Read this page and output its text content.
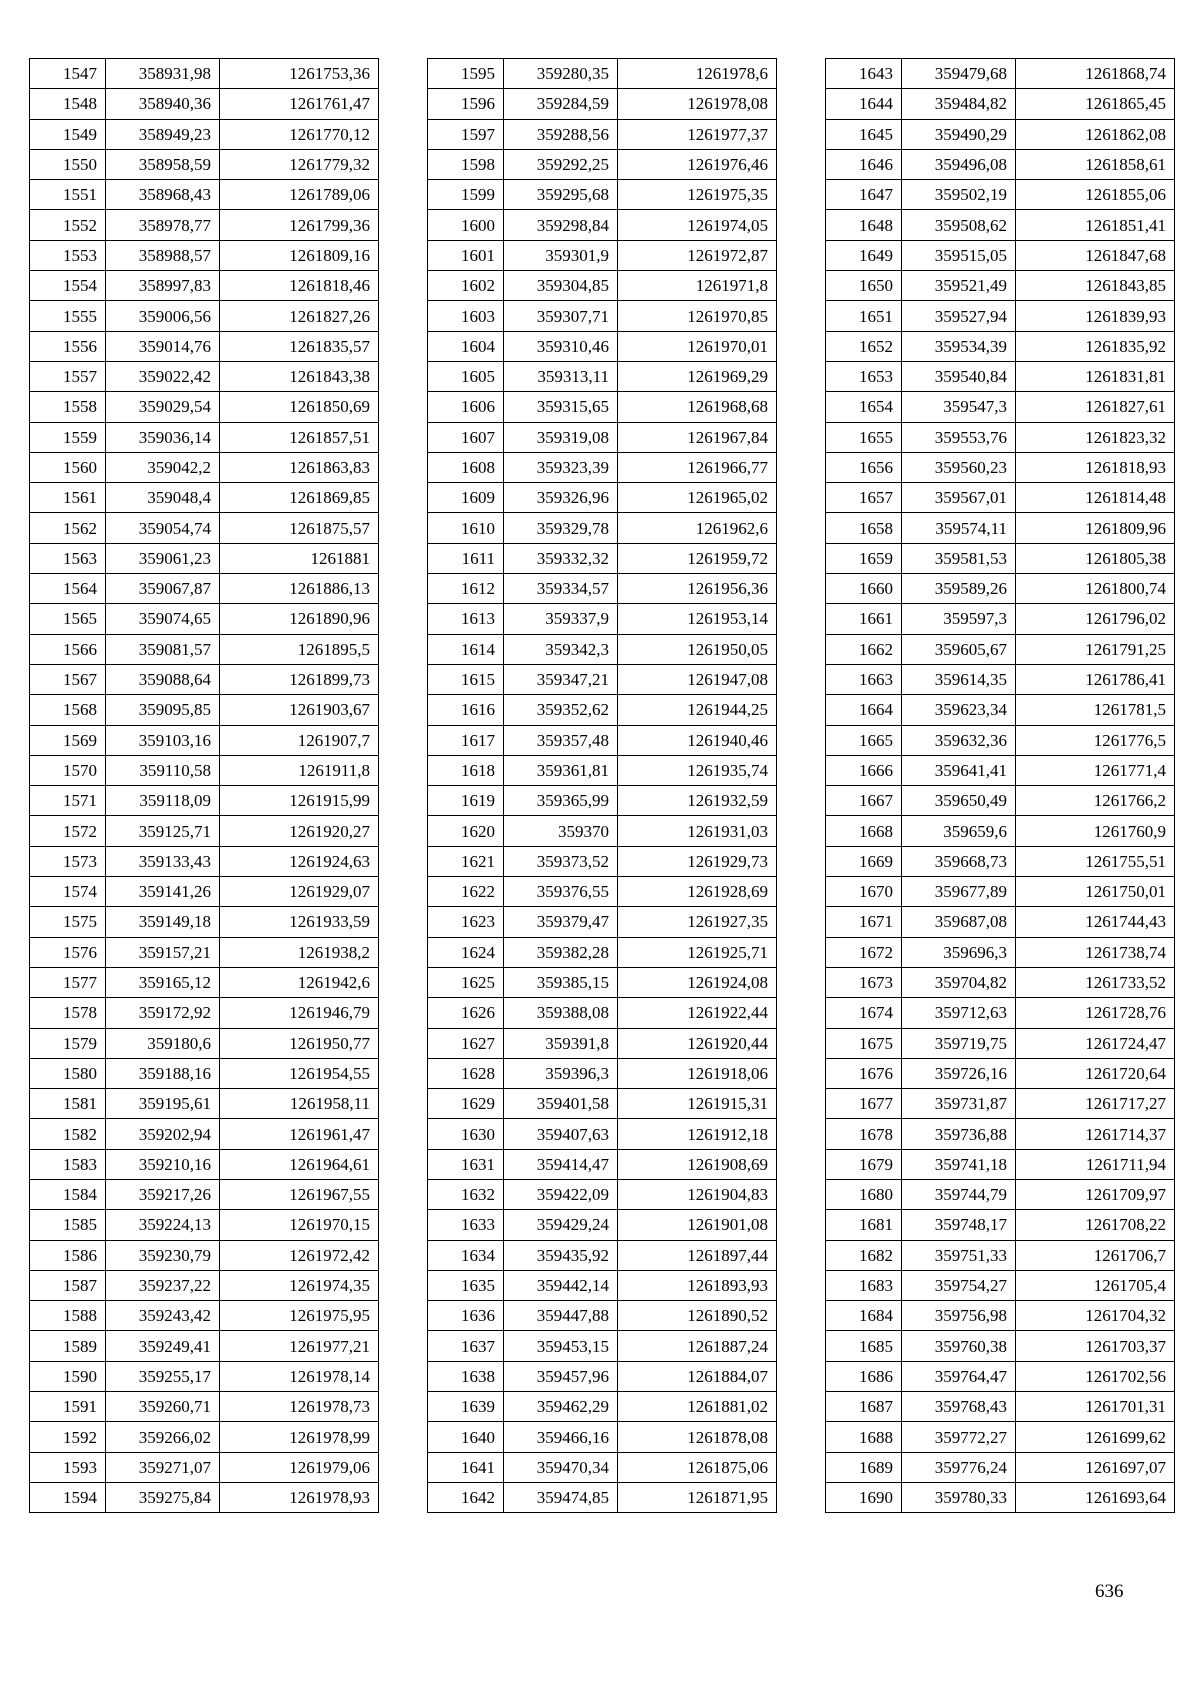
1547	358931,98	1261753,36
1548	358940,36	1261761,47
1549	358949,23	1261770,12
1550	358958,59	1261779,32
1551	358968,43	1261789,06
1552	358978,77	1261799,36
1553	358988,57	1261809,16
1554	358997,83	1261818,46
1555	359006,56	1261827,26
1556	359014,76	1261835,57
1557	359022,42	1261843,38
1558	359029,54	1261850,69
1559	359036,14	1261857,51
1560	359042,2	1261863,83
1561	359048,4	1261869,85
1562	359054,74	1261875,57
1563	359061,23	1261881
1564	359067,87	1261886,13
1565	359074,65	1261890,96
1566	359081,57	1261895,5
1567	359088,64	1261899,73
1568	359095,85	1261903,67
1569	359103,16	1261907,7
1570	359110,58	1261911,8
1571	359118,09	1261915,99
1572	359125,71	1261920,27
1573	359133,43	1261924,63
1574	359141,26	1261929,07
1575	359149,18	1261933,59
1576	359157,21	1261938,2
1577	359165,12	1261942,6
1578	359172,92	1261946,79
1579	359180,6	1261950,77
1580	359188,16	1261954,55
1581	359195,61	1261958,11
1582	359202,94	1261961,47
1583	359210,16	1261964,61
1584	359217,26	1261967,55
1585	359224,13	1261970,15
1586	359230,79	1261972,42
1587	359237,22	1261974,35
1588	359243,42	1261975,95
1589	359249,41	1261977,21
1590	359255,17	1261978,14
1591	359260,71	1261978,73
1592	359266,02	1261978,99
1593	359271,07	1261979,06
1594	359275,84	1261978,93
1595	359280,35	1261978,6
1596	359284,59	1261978,08
1597	359288,56	1261977,37
1598	359292,25	1261976,46
1599	359295,68	1261975,35
1600	359298,84	1261974,05
1601	359301,9	1261972,87
1602	359304,85	1261971,8
1603	359307,71	1261970,85
1604	359310,46	1261970,01
1605	359313,11	1261969,29
1606	359315,65	1261968,68
1607	359319,08	1261967,84
1608	359323,39	1261966,77
1609	359326,96	1261965,02
1610	359329,78	1261962,6
1611	359332,32	1261959,72
1612	359334,57	1261956,36
1613	359337,9	1261953,14
1614	359342,3	1261950,05
1615	359347,21	1261947,08
1616	359352,62	1261944,25
1617	359357,48	1261940,46
1618	359361,81	1261935,74
1619	359365,99	1261932,59
1620	359370	1261931,03
1621	359373,52	1261929,73
1622	359376,55	1261928,69
1623	359379,47	1261927,35
1624	359382,28	1261925,71
1625	359385,15	1261924,08
1626	359388,08	1261922,44
1627	359391,8	1261920,44
1628	359396,3	1261918,06
1629	359401,58	1261915,31
1630	359407,63	1261912,18
1631	359414,47	1261908,69
1632	359422,09	1261904,83
1633	359429,24	1261901,08
1634	359435,92	1261897,44
1635	359442,14	1261893,93
1636	359447,88	1261890,52
1637	359453,15	1261887,24
1638	359457,96	1261884,07
1639	359462,29	1261881,02
1640	359466,16	1261878,08
1641	359470,34	1261875,06
1642	359474,85	1261871,95
1643	359479,68	1261868,74
1644	359484,82	1261865,45
1645	359490,29	1261862,08
1646	359496,08	1261858,61
1647	359502,19	1261855,06
1648	359508,62	1261851,41
1649	359515,05	1261847,68
1650	359521,49	1261843,85
1651	359527,94	1261839,93
1652	359534,39	1261835,92
1653	359540,84	1261831,81
1654	359547,3	1261827,61
1655	359553,76	1261823,32
1656	359560,23	1261818,93
1657	359567,01	1261814,48
1658	359574,11	1261809,96
1659	359581,53	1261805,38
1660	359589,26	1261800,74
1661	359597,3	1261796,02
1662	359605,67	1261791,25
1663	359614,35	1261786,41
1664	359623,34	1261781,5
1665	359632,36	1261776,5
1666	359641,41	1261771,4
1667	359650,49	1261766,2
1668	359659,6	1261760,9
1669	359668,73	1261755,51
1670	359677,89	1261750,01
1671	359687,08	1261744,43
1672	359696,3	1261738,74
1673	359704,82	1261733,52
1674	359712,63	1261728,76
1675	359719,75	1261724,47
1676	359726,16	1261720,64
1677	359731,87	1261717,27
1678	359736,88	1261714,37
1679	359741,18	1261711,94
1680	359744,79	1261709,97
1681	359748,17	1261708,22
1682	359751,33	1261706,7
1683	359754,27	1261705,4
1684	359756,98	1261704,32
1685	359760,38	1261703,37
1686	359764,47	1261702,56
1687	359768,43	1261701,31
1688	359772,27	1261699,62
1689	359776,24	1261697,07
1690	359780,33	1261693,64
636
